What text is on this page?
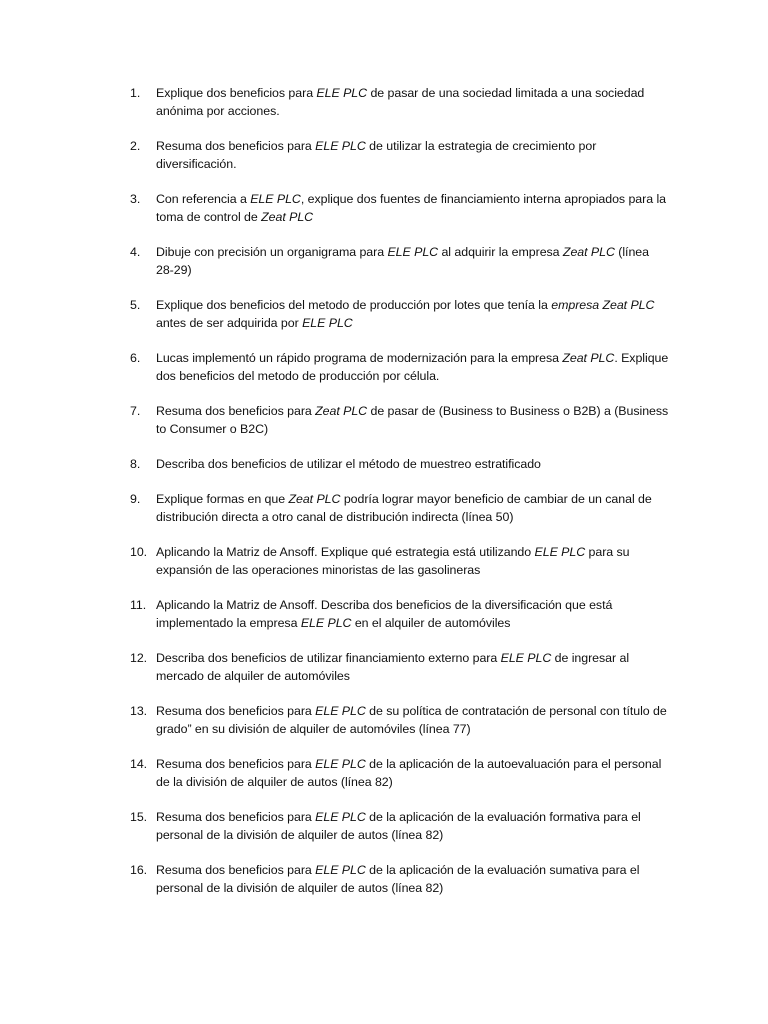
1. Explique dos beneficios para ELE PLC de pasar de una sociedad limitada a una sociedad anónima por acciones.
2. Resuma dos beneficios para ELE PLC de utilizar la estrategia de crecimiento por diversificación.
3. Con referencia a ELE PLC, explique dos fuentes de financiamiento interna apropiados para la toma de control de Zeat PLC
4. Dibuje con precisión un organigrama para ELE PLC al adquirir la empresa Zeat PLC (línea 28-29)
5. Explique dos beneficios del metodo de producción por lotes que tenía la empresa Zeat PLC antes de ser adquirida por ELE PLC
6. Lucas implementó un rápido programa de modernización para la empresa Zeat PLC. Explique dos beneficios del metodo de producción por célula.
7. Resuma dos beneficios para Zeat PLC de pasar de (Business to Business o B2B) a (Business to Consumer o B2C)
8. Describa dos beneficios de utilizar el método de muestreo estratificado
9. Explique formas en que Zeat PLC podría lograr mayor beneficio de cambiar de un canal de distribución directa a otro canal de distribución indirecta (línea 50)
10. Aplicando la Matriz de Ansoff. Explique qué estrategia está utilizando ELE PLC para su expansión de las operaciones minoristas de las gasolineras
11. Aplicando la Matriz de Ansoff. Describa dos beneficios de la diversificación que está implementado la empresa ELE PLC en el alquiler de automóviles
12. Describa dos beneficios de utilizar financiamiento externo para ELE PLC de ingresar al mercado de alquiler de automóviles
13. Resuma dos beneficios para ELE PLC de su política de contratación de personal con título de grado” en su división de alquiler de automóviles (línea 77)
14. Resuma dos beneficios para ELE PLC de la aplicación de la autoevaluación para el personal de la división de alquiler de autos (línea 82)
15. Resuma dos beneficios para ELE PLC de la aplicación de la evaluación formativa para el personal de la división de alquiler de autos (línea 82)
16. Resuma dos beneficios para ELE PLC de la aplicación de la evaluación sumativa para el personal de la división de alquiler de autos (línea 82)
